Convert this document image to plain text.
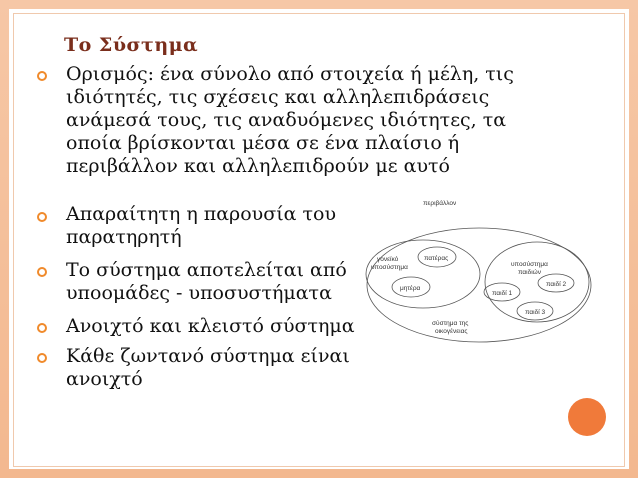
Το Σύστημα
Ορισμός: ένα σύνολο από στοιχεία ή μέλη, τις ιδιότητές, τις σχέσεις και αλληλεπιδράσεις ανάμεσά τους, τις αναδυόμενες ιδιότητες, τα οποία βρίσκονται μέσα σε ένα πλαίσιο ή περιβάλλον και αλληλεπιδρούν με αυτό
Απαραίτητη η παρουσία του παρατηρητή
Το σύστημα αποτελείται από υποομάδες - υποσυστήματα
Ανοιχτό και κλειστό σύστημα
Κάθε ζωντανό σύστημα είναι ανοιχτό
περιβάλλον
γονεϊκό
υποσύστημα
πατέρας
μητέρα
υποσύστημα
παιδιών
παιδί 1
παιδί 2
παιδί 3
σύστημα της
οικογένειας
